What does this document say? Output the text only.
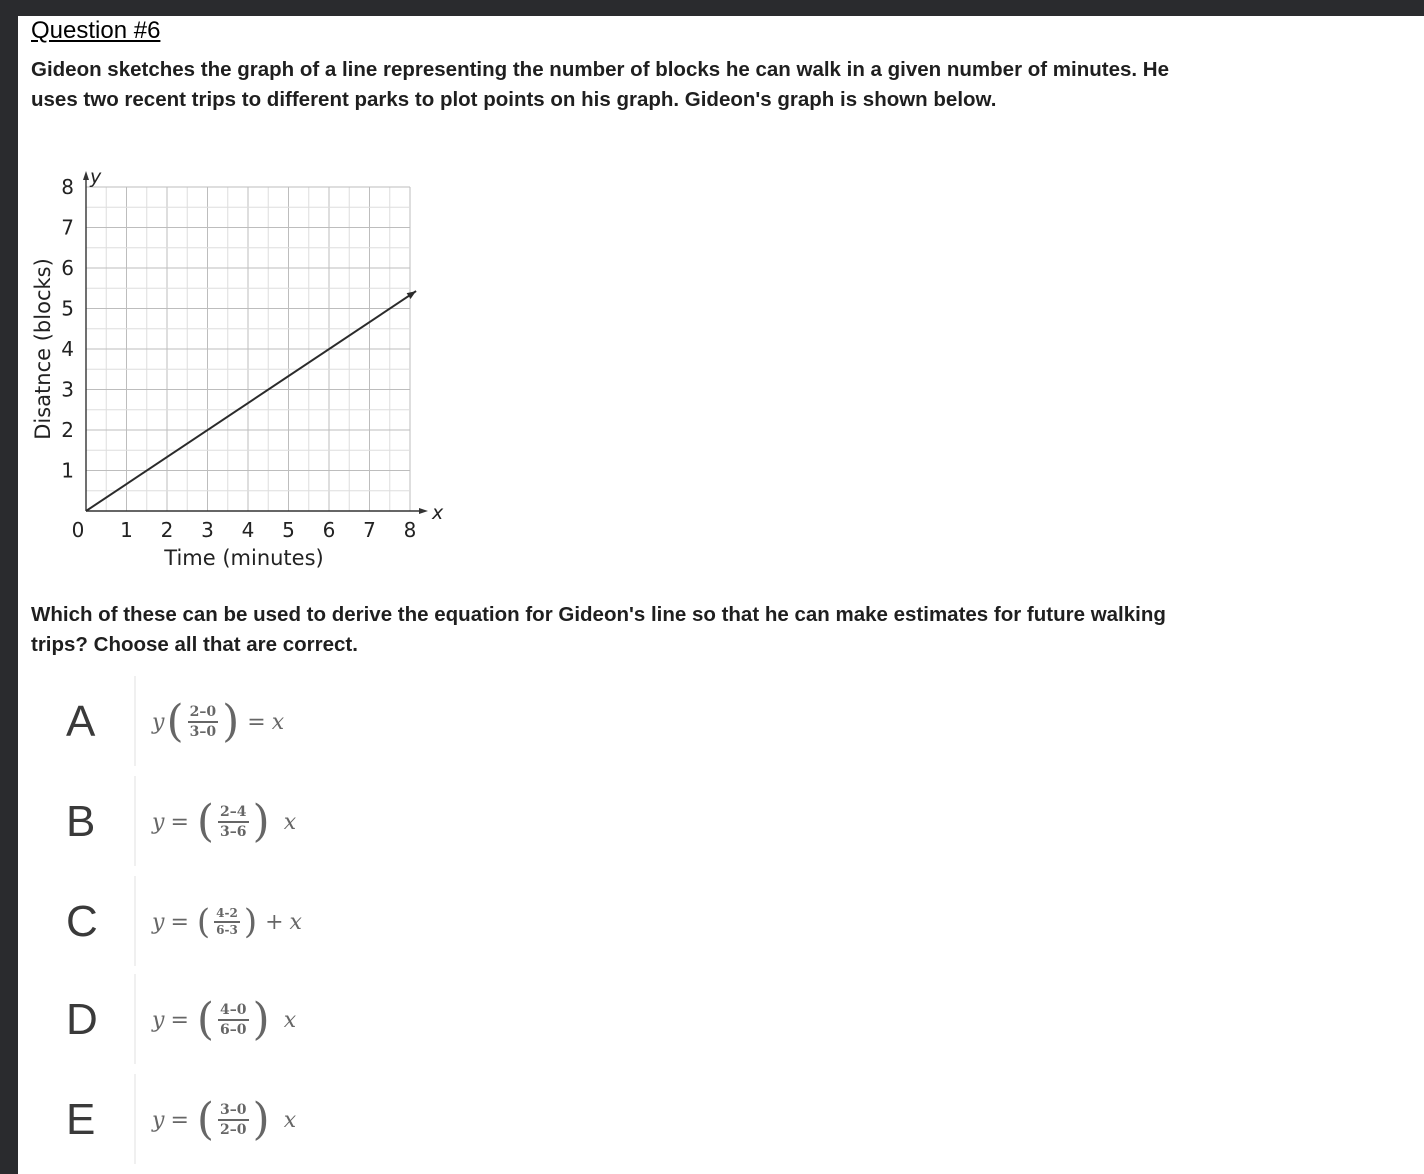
Question #6
Gideon sketches the graph of a line representing the number of blocks he can walk in a given number of minutes. He uses two recent trips to different parks to plot points on his graph. Gideon's graph is shown below.
0 1 2 3 4 5 6 7 8
1
2
3
4
5
6
7
8
x
y
Time (minutes)
Disatnce (blocks)
Which of these can be used to derive the equation for Gideon's line so that he can make estimates for future walking trips? Choose all that are correct.
A	y ( $\frac{2-0}{3-0}$ ) = x
B	y = ( $\frac{2-4}{3-6}$ ) x
C y = ( $\frac{4-2}{6-3}$ ) + x
D y = ( $\frac{4-0}{6-0}$ ) x
E	y = ( $\frac{3-0}{2-0}$ ) x
